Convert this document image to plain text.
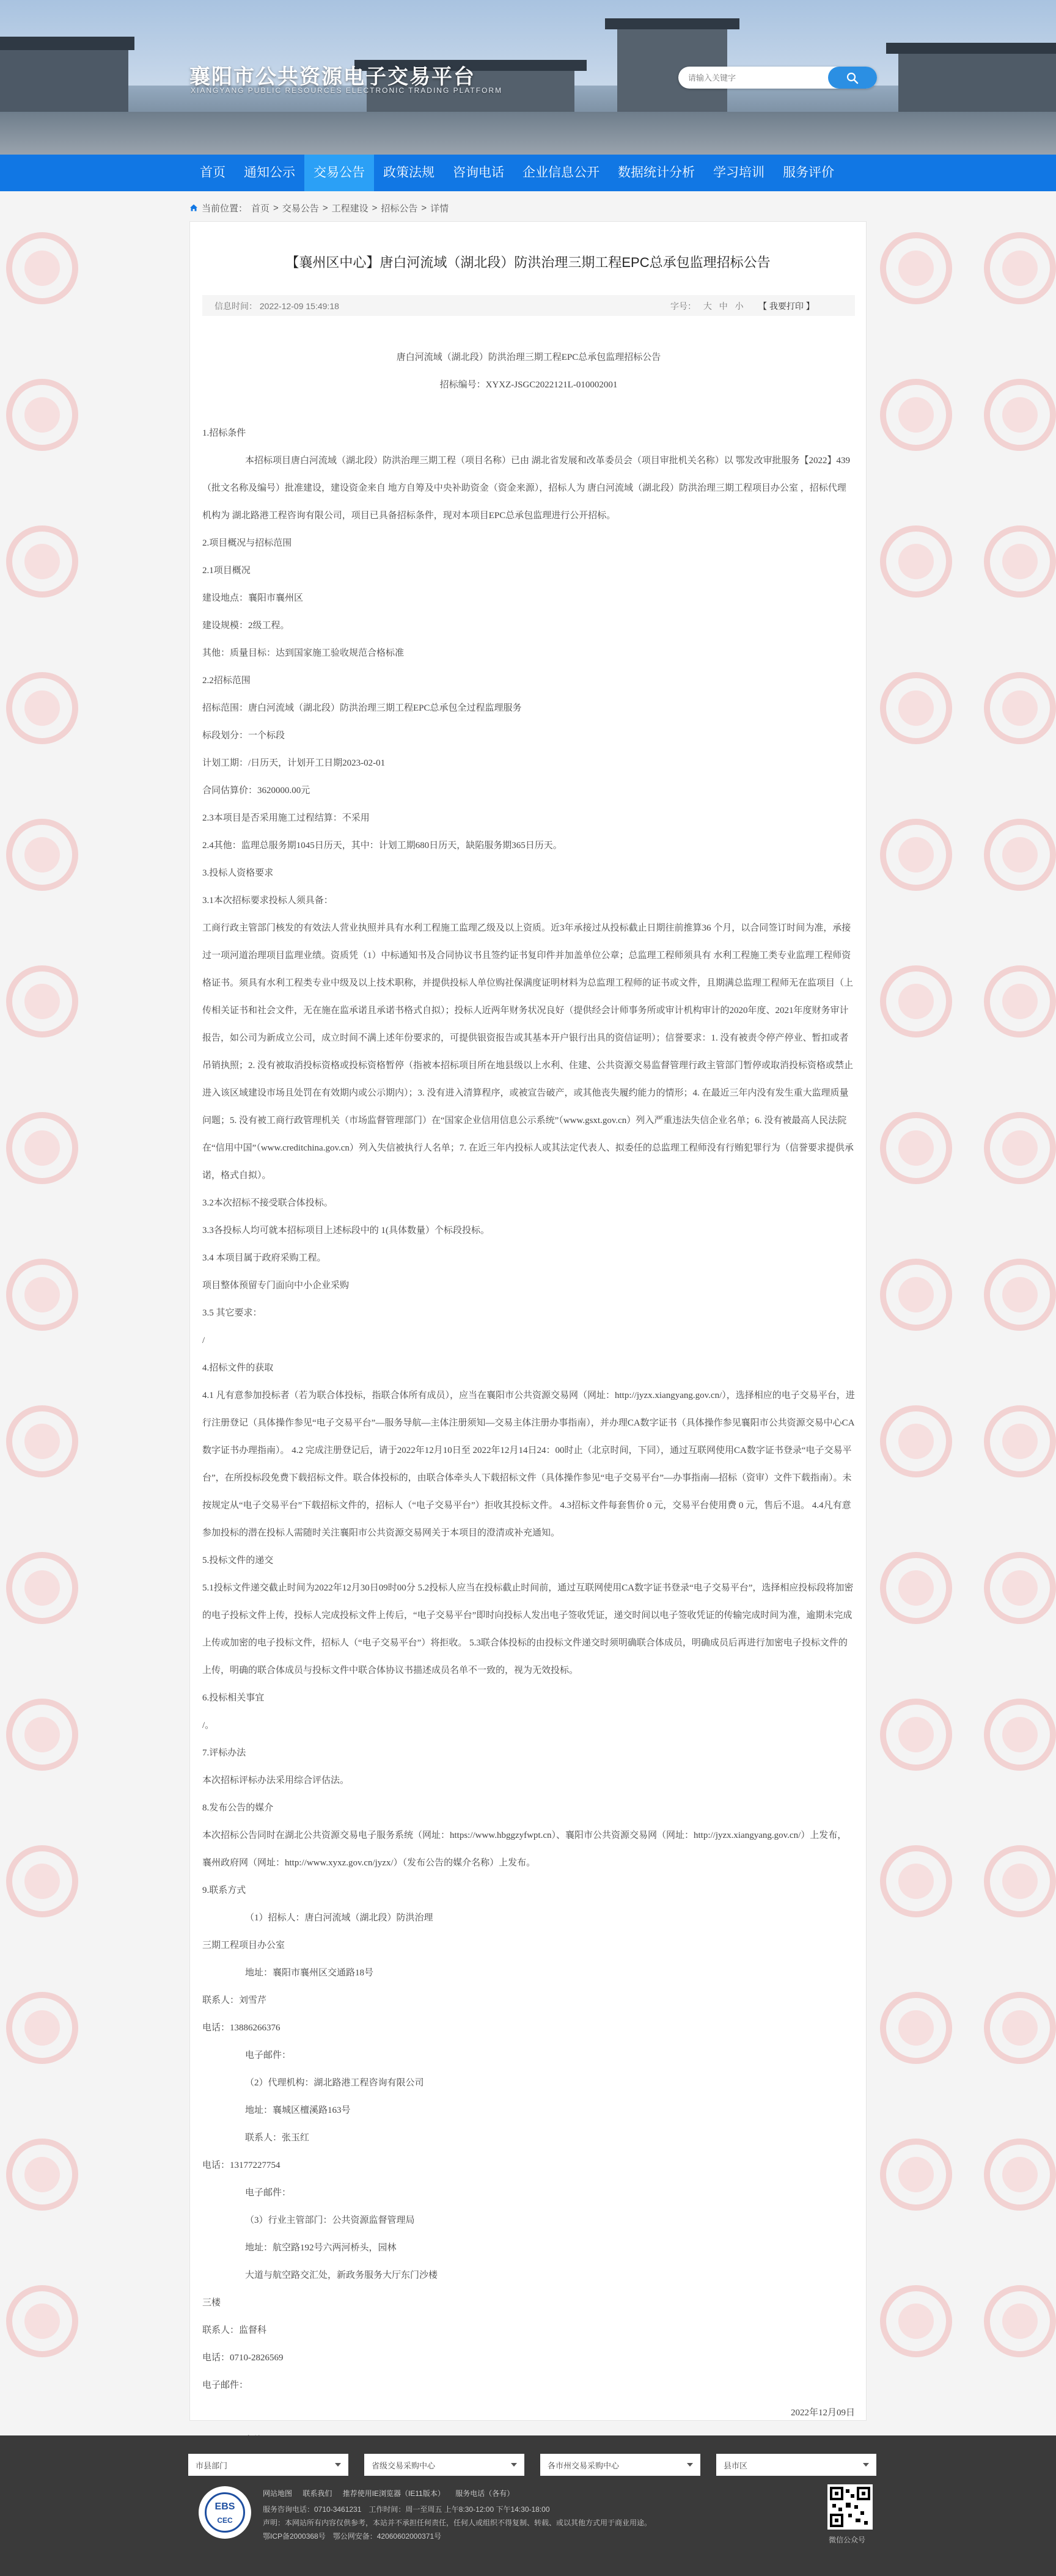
襄阳市公共资源电子交易平台
XIANGYANG PUBLIC RESOURCES ELECTRONIC TRADING PLATFORM
请输入关键字
首页	通知公示	交易公告	政策法规	咨询电话	企业信息公开	数据统计分析	学习培训	服务评价
当前位置： 首页 > 交易公告 > 工程建设 > 招标公告 > 详情
【襄州区中心】唐白河流域（湖北段）防洪治理三期工程EPC总承包监理招标公告
信息时间： 2022-12-09 15:49:18	字号： 大 中 小 【 我要打印 】

唐白河流域（湖北段）防洪治理三期工程EPC总承包监理招标公告

招标编号：XYXZ-JSGC2022121L-010002001

1.招标条件

本招标项目唐白河流域（湖北段）防洪治理三期工程（项目名称）已由 湖北省发展和改革委员会（项目审批机关名称）以 鄂发改审批服务【2022】439（批文名称及编号）批准建设，建设资金来自 地方自筹及中央补助资金（资金来源），招标人为 唐白河流域（湖北段）防洪治理三期工程项目办公室 ，招标代理机构为 湖北路港工程咨询有限公司，项目已具备招标条件，现对本项目EPC总承包监理进行公开招标。

2.项目概况与招标范围

2.1项目概况

建设地点：襄阳市襄州区

建设规模：2级工程。

其他：质量目标：达到国家施工验收规范合格标准

2.2招标范围

招标范围：唐白河流域（湖北段）防洪治理三期工程EPC总承包全过程监理服务

标段划分：一个标段

计划工期：/日历天，计划开工日期2023-02-01

合同估算价：3620000.00元

2.3本项目是否采用施工过程结算：不采用

2.4其他：监理总服务期1045日历天，其中：计划工期680日历天，缺陷服务期365日历天。

3.投标人资格要求

3.1本次招标要求投标人须具备：

工商行政主管部门核发的有效法人营业执照并具有水利工程施工监理乙级及以上资质。近3年承接过从投标截止日期往前推算36 个月，以合同签订时间为准，承接过一项河道治理项目监理业绩。资质凭（1）中标通知书及合同协议书且签约证书复印件并加盖单位公章；总监理工程师须具有 水利工程施工类专业监理工程师资格证书。须具有水利工程类专业中级及以上技术职称，并提供投标人单位购社保满度证明材料为总监理工程师的证书或文件，且期满总监理工程师无在监项目（上传相关证书和社会文件，无在施在监承诺且承诺书格式自拟）；投标人近两年财务状况良好（提供经会计师事务所或审计机构审计的2020年度、2021年度财务审计报告，如公司为新成立公司，成立时间不满上述年份要求的，可提供银资报告或其基本开户银行出具的资信证明）；信誉要求：1. 没有被责令停产停业、暂扣或者吊销执照；2. 没有被取消投标资格或投标资格暂停（指被本招标项目所在地县级以上水利、住建、公共资源交易监督管理行政主管部门暂停或取消投标资格或禁止进入该区域建设市场且处罚在有效期内或公示期内）；3. 没有进入清算程序，或被宣告破产，或其他丧失履约能力的情形；4. 在最近三年内没有发生重大监理质量问题；5. 没有被工商行政管理机关（市场监督管理部门）在“国家企业信用信息公示系统”（www.gsxt.gov.cn）列入严重违法失信企业名单；6. 没有被最高人民法院在“信用中国”（www.creditchina.gov.cn）列入失信被执行人名单；7. 在近三年内投标人或其法定代表人、拟委任的总监理工程师没有行贿犯罪行为（信誉要求提供承诺，格式自拟）。

3.2本次招标不接受联合体投标。

3.3各投标人均可就本招标项目上述标段中的 1(具体数量）个标段投标。

3.4 本项目属于政府采购工程。

项目整体预留专门面向中小企业采购

3.5 其它要求：

/

4.招标文件的获取

4.1 凡有意参加投标者（若为联合体投标，指联合体所有成员），应当在襄阳市公共资源交易网（网址：http://jyzx.xiangyang.gov.cn/），选择相应的电子交易平台，进行注册登记（具体操作参见“电子交易平台”—服务导航—主体注册须知—交易主体注册办事指南），并办理CA数字证书（具体操作参见襄阳市公共资源交易中心CA数字证书办理指南）。 4.2 完成注册登记后，请于2022年12月10日至 2022年12月14日24：00时止（北京时间，下同），通过互联网使用CA数字证书登录“电子交易平台”，在所投标段免费下载招标文件。联合体投标的，由联合体牵头人下载招标文件（具体操作参见“电子交易平台”—办事指南—招标（资审）文件下载指南）。未按规定从“电子交易平台”下载招标文件的，招标人（“电子交易平台”）拒收其投标文件。 4.3招标文件每套售价 0 元，交易平台使用费 0 元，售后不退。 4.4凡有意参加投标的潜在投标人需随时关注襄阳市公共资源交易网关于本项目的澄清或补充通知。

5.投标文件的递交

5.1投标文件递交截止时间为2022年12月30日09时00分 5.2投标人应当在投标截止时间前，通过互联网使用CA数字证书登录“电子交易平台”，选择相应投标段将加密的电子投标文件上传，投标人完成投标文件上传后，“电子交易平台”即时向投标人发出电子签收凭证，递交时间以电子签收凭证的传输完成时间为准，逾期未完成上传或加密的电子投标文件，招标人（“电子交易平台”）将拒收。 5.3联合体投标的由投标文件递交时须明确联合体成员，明确成员后再进行加密电子投标文件的上传，明确的联合体成员与投标文件中联合体协议书描述成员名单不一致的，视为无效投标。

6.投标相关事宜

/。

7.评标办法

本次招标评标办法采用综合评估法。

8.发布公告的媒介

本次招标公告同时在湖北公共资源交易电子服务系统（网址：https://www.hbggzyfwpt.cn）、襄阳市公共资源交易网（网址：http://jyzx.xiangyang.gov.cn/）上发布，襄州政府网（网址：http://www.xyxz.gov.cn/jyzx/）（发布公告的媒介名称）上发布。

9.联系方式

（1）招标人：唐白河流域（湖北段）防洪治理

三期工程项目办公室

地址：襄阳市襄州区交通路18号

联系人：刘雪芹

电话：13886266376

电子邮件：

（2）代理机构：湖北路港工程咨询有限公司

地址：襄城区檀溪路163号

联系人：张玉红

电话：13177227754

电子邮件：

（3）行业主管部门：公共资源监督管理局

地址：航空路192号六两河桥头，园林

大道与航空路交汇处，新政务服务大厅东门沙楼

三楼

联系人：监督科

电话：0710-2826569

电子邮件：

2022年12月09日

市县部门	省级交易采购中心	各市州交易采购中心	县市区
EBS
CEC
网站地图 联系我们 推荐使用IE浏览器（IE11版本） 服务电话（各有）
服务咨询电话：0710-3461231　工作时间：周一至周五 上午8:30-12:00 下午14:30-18:00
声明：本网站所有内容仅供参考，本站并不承担任何责任，任何人或组织不得复制、转载、或以其他方式用于商业用途。
鄂ICP备2000368号　鄂公网安备：42060602000371号	微信公众号
